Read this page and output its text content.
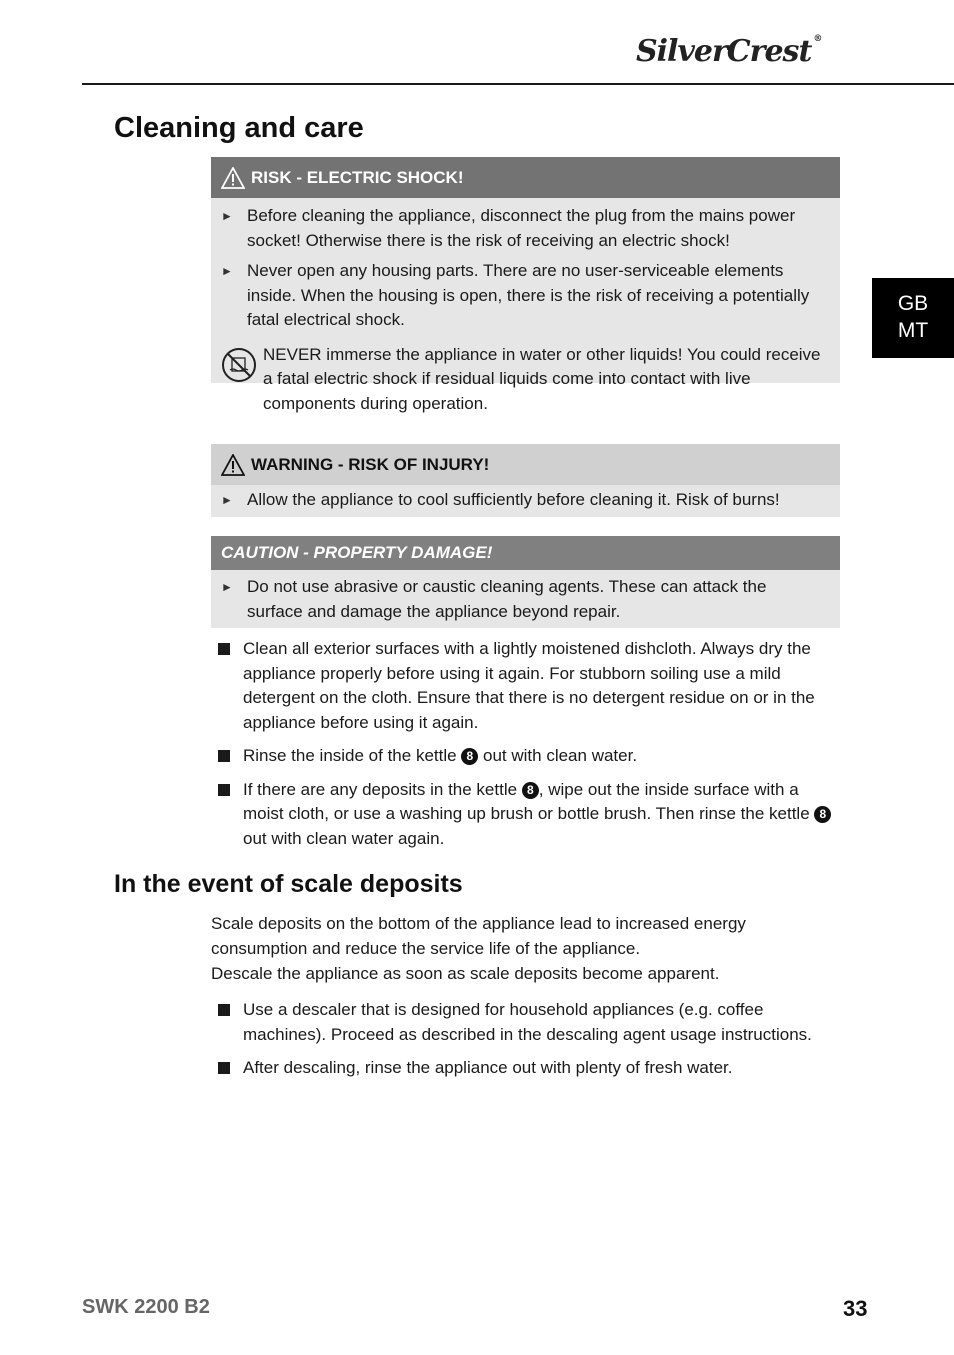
SilverCrest ®
GB
MT
Cleaning and care
RISK - ELECTRIC SHOCK!
► Before cleaning the appliance, disconnect the plug from the mains power socket! Otherwise there is the risk of receiving an electric shock!
► Never open any housing parts. There are no user-serviceable elements inside. When the housing is open, there is the risk of receiving a potentially fatal electrical shock.
NEVER immerse the appliance in water or other liquids! You could receive a fatal electric shock if residual liquids come into contact with live components during operation.
WARNING - RISK OF INJURY!
► Allow the appliance to cool sufficiently before cleaning it. Risk of burns!
CAUTION - PROPERTY DAMAGE!
► Do not use abrasive or caustic cleaning agents. These can attack the surface and damage the appliance beyond repair.
Clean all exterior surfaces with a lightly moistened dishcloth. Always dry the appliance properly before using it again. For stubborn soiling use a mild detergent on the cloth. Ensure that there is no detergent residue on or in the appliance before using it again.
Rinse the inside of the kettle 8 out with clean water.
If there are any deposits in the kettle 8 , wipe out the inside surface with a moist cloth, or use a washing up brush or bottle brush. Then rinse the kettle 8 out with clean water again.
In the event of scale deposits
Scale deposits on the bottom of the appliance lead to increased energy consumption and reduce the service life of the appliance.
Descale the appliance as soon as scale deposits become apparent.
Use a descaler that is designed for household appliances (e.g. coffee machines). Proceed as described in the descaling agent usage instructions.
After descaling, rinse the appliance out with plenty of fresh water.
SWK 2200 B2	33
